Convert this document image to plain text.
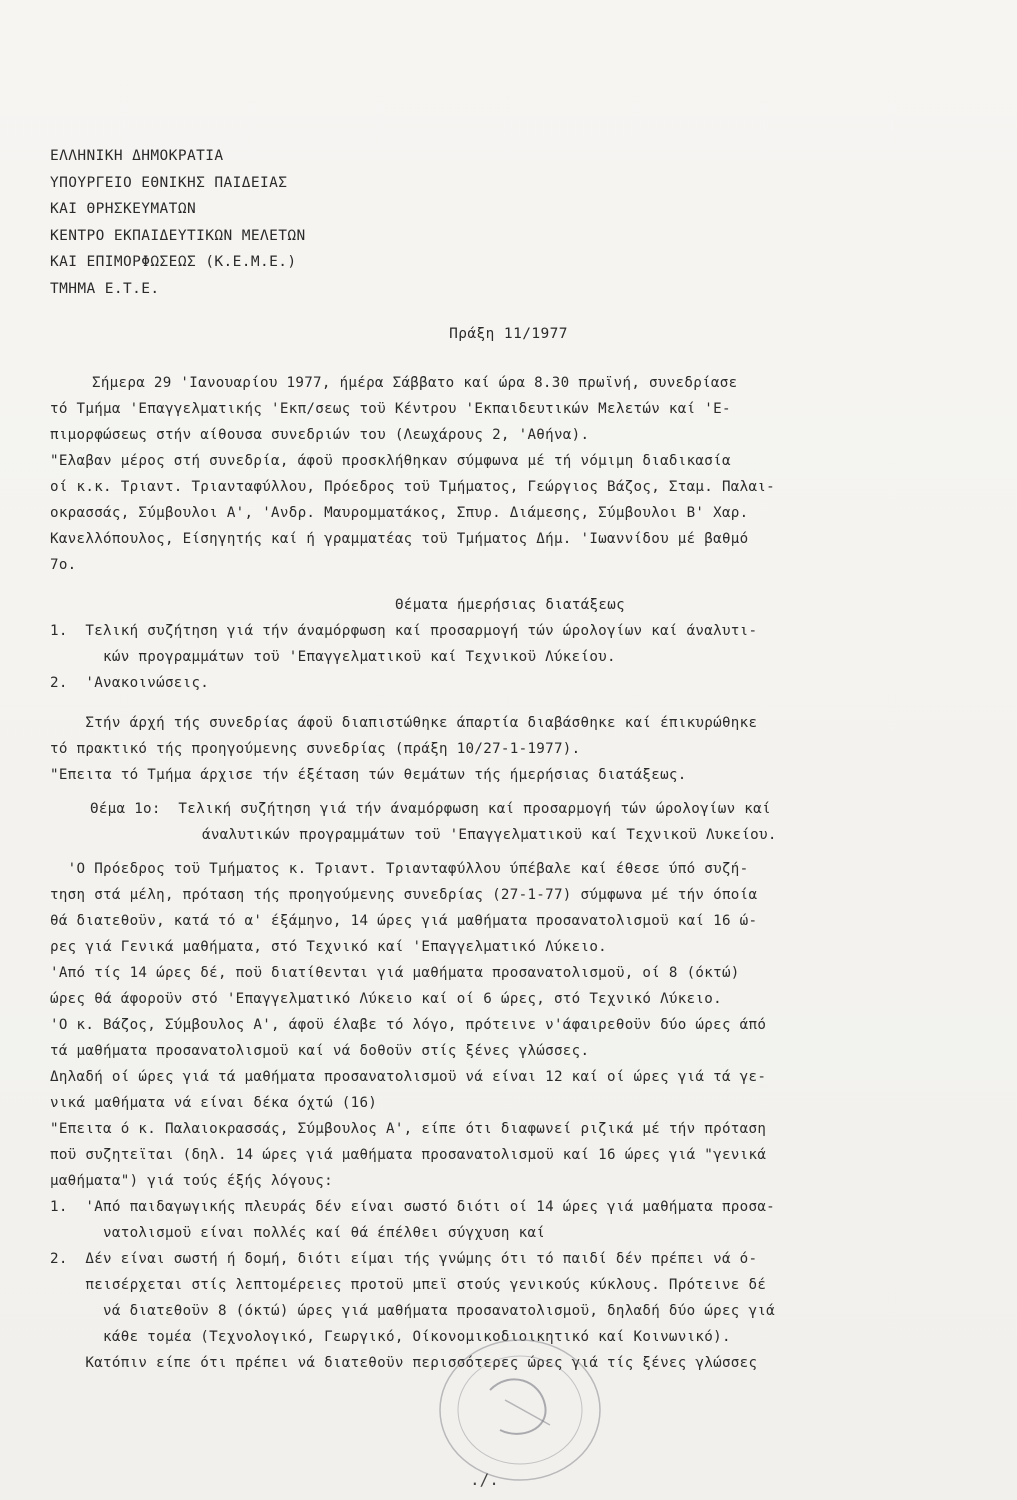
ΕΛΛΗΝΙΚΗ ΔΗΜΟΚΡΑΤΙΑ
ΥΠΟΥΡΓΕΙΟ ΕΘΝΙΚΗΣ ΠΑΙΔΕΙΑΣ
ΚΑΙ ΘΡΗΣΚΕΥΜΑΤΩΝ
ΚΕΝΤΡΟ ΕΚΠΑΙΔΕΥΤΙΚΩΝ ΜΕΛΕΤΩΝ
ΚΑΙ ΕΠΙΜΟΡΦΩΣΕΩΣ (Κ.Ε.Μ.Ε.)
ΤΜΗΜΑ Ε.Τ.Ε.
Πράξη 11/1977
Σήμερα 29 'Ιανουαρίου 1977, ήμέρα Σάββατο καί ώρα 8.30 πρωϊνή, συνεδρίασε
τό Τμήμα 'Επαγγελματικής 'Εκπ/σεως τοϋ Κέντρου 'Εκπαιδευτικών Μελετών καί 'Ε-
πιμορφώσεως στήν αίθουσα συνεδριών του (Λεωχάρους 2, 'Αθήνα).
"Ελαβαν μέρος στή συνεδρία, άφοϋ προσκλήθηκαν σύμφωνα μέ τή νόμιμη διαδικασία
οί κ.κ. Τριαντ. Τριανταφύλλου, Πρόεδρος τοϋ Τμήματος, Γεώργιος Βάζος, Σταμ. Παλαι-
οκρασσάς, Σύμβουλοι Α', 'Ανδρ. Μαυρομματάκος, Σπυρ. Διάμεσης, Σύμβουλοι Β' Χαρ.
Κανελλόπουλος, Είσηγητής καί ή γραμματέας τοϋ Τμήματος Δήμ. 'Ιωαννίδου μέ βαθμό
7ο.
Θέματα ήμερήσιας διατάξεως
1.  Τελική συζήτηση γιά τήν άναμόρφωση καί προσαρμογή τών ώρολογίων καί άναλυτι-
κών προγραμμάτων τοϋ 'Επαγγελματικοϋ καί Τεχνικοϋ Λύκείου.
2.  'Ανακοινώσεις.
Στήν άρχή τής συνεδρίας άφοϋ διαπιστώθηκε άπαρτία διαβάσθηκε καί έπικυρώθηκε
τό πρακτικό τής προηγούμενης συνεδρίας (πράξη 10/27-1-1977).
"Επειτα τό Τμήμα άρχισε τήν έξέταση τών θεμάτων τής ήμερήσιας διατάξεως.
Θέμα 1ο:  Τελική συζήτηση γιά τήν άναμόρφωση καί προσαρμογή τών ώρολογίων καί
άναλυτικών προγραμμάτων τοϋ 'Επαγγελματικοϋ καί Τεχνικοϋ Λυκείου.
'Ο Πρόεδρος τοϋ Τμήματος κ. Τριαντ. Τριανταφύλλου ύπέβαλε καί έθεσε ύπό συζή-
τηση στά μέλη, πρόταση τής προηγούμενης συνεδρίας (27-1-77) σύμφωνα μέ τήν όποία
θά διατεθοϋν, κατά τό α' έξάμηνο, 14 ώρες γιά μαθήματα προσανατολισμοϋ καί 16 ώ-
ρες γιά Γενικά μαθήματα, στό Τεχνικό καί 'Επαγγελματικό Λύκειο.
'Από τίς 14 ώρες δέ, ποϋ διατίθενται γιά μαθήματα προσανατολισμοϋ, οί 8 (όκτώ)
ώρες θά άφοροϋν στό 'Επαγγελματικό Λύκειο καί οί 6 ώρες, στό Τεχνικό Λύκειο.
'Ο κ. Βάζος, Σύμβουλος Α', άφοϋ έλαβε τό λόγο, πρότεινε ν'άφαιρεθοϋν δύο ώρες άπό
τά μαθήματα προσανατολισμοϋ καί νά δοθοϋν στίς ξένες γλώσσες.
Δηλαδή οί ώρες γιά τά μαθήματα προσανατολισμοϋ νά είναι 12 καί οί ώρες γιά τά γε-
νικά μαθήματα νά είναι δέκα όχτώ (16)
"Επειτα ό κ. Παλαιοκρασσάς, Σύμβουλος Α', είπε ότι διαφωνεί ριζικά μέ τήν πρόταση
ποϋ συζητεϊται (δηλ. 14 ώρες γιά μαθήματα προσανατολισμοϋ καί 16 ώρες γιά "γενικά
μαθήματα") γιά τούς έξής λόγους:
1.  'Από παιδαγωγικής πλευράς δέν είναι σωστό διότι οί 14 ώρες γιά μαθήματα προσα-
νατολισμοϋ είναι πολλές καί θά έπέλθει σύγχυση καί
2.  Δέν είναι σωστή ή δομή, διότι είμαι τής γνώμης ότι τό παιδί δέν πρέπει νά ό-
πεισέρχεται στίς λεπτομέρειες προτοϋ μπεϊ στούς γενικούς κύκλους. Πρότεινε δέ
νά διατεθοϋν 8 (όκτώ) ώρες γιά μαθήματα προσανατολισμοϋ, δηλαδή δύο ώρες γιά
κάθε τομέα (Τεχνολογικό, Γεωργικό, Οίκονομικοδιοικητικό καί Κοινωνικό).
Κατόπιν είπε ότι πρέπει νά διατεθοϋν περισσότερες ώρες γιά τίς ξένες γλώσσες
./.
